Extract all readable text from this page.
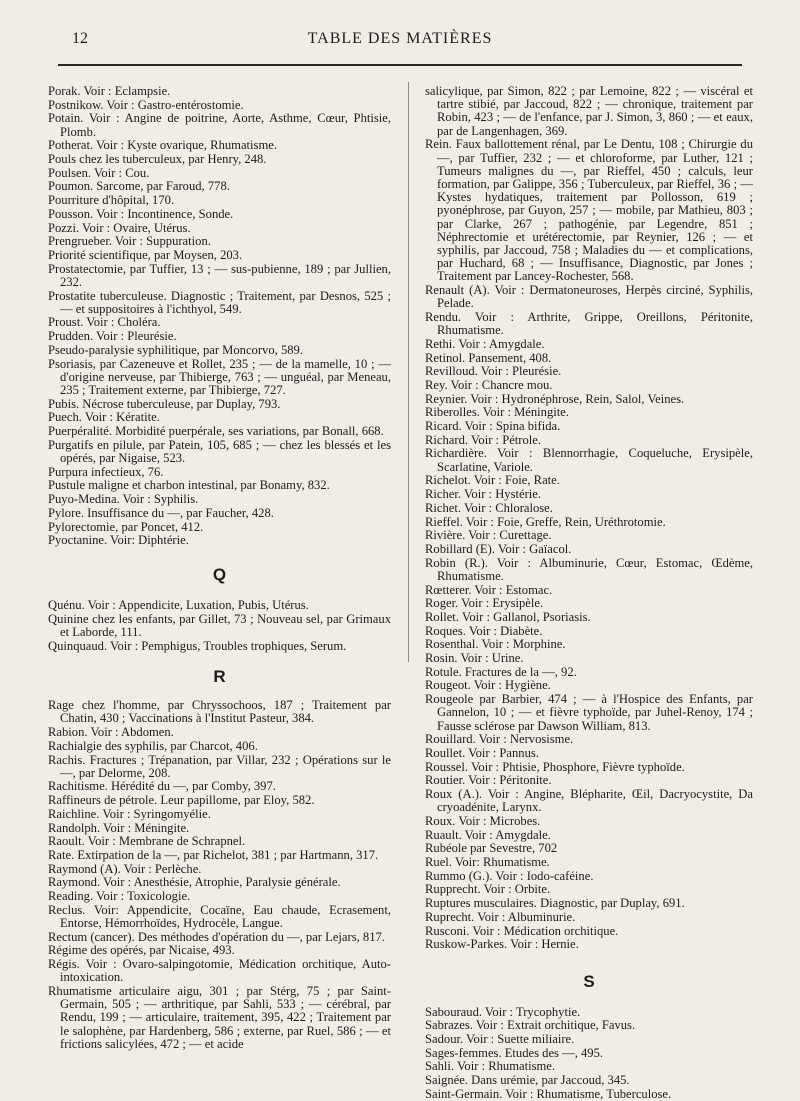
12	TABLE DES MATIÈRES
Porak. Voir : Eclampsie.
Postnikow. Voir : Gastro-entérostomie.
Potain. Voir : Angine de poitrine, Aorte, Asthme, Cœur, Phtisie, Plomb.
Potherat. Voir : Kyste ovarique, Rhumatisme.
Pouls chez les tuberculeux, par Henry, 248.
Poulsen. Voir : Cou.
Poumon. Sarcome, par Faroud, 778.
Pourriture d'hôpital, 170.
Pousson. Voir : Incontinence, Sonde.
Pozzi. Voir : Ovaire, Utérus.
Prengrueber. Voir : Suppuration.
Priorité scientifique, par Moysen, 203.
Prostatectomie, par Tuffier, 13 ; — sus-pubienne, 189 ; par Jullien, 232.
Prostatite tuberculeuse. Diagnostic ; Traitement, par Desnos, 525 ; — et suppositoires à l'ichthyol, 549.
Proust. Voir : Choléra.
Prudden. Voir : Pleurésie.
Pseudo-paralysie syphilitique, par Moncorvo, 589.
Psoriasis, par Cazeneuve et Rollet, 235 ; — de la mamelle, 10 ; — d'origine nerveuse, par Thibierge, 763 ; — unguéal, par Meneau, 235 ; Traitement externe, par Thibierge, 727.
Pubis. Nécrose tuberculeuse, par Duplay, 793.
Puech. Voir : Kératite.
Puerpéralité. Morbidité puerpérale, ses variations, par Bonall, 668.
Purgatifs en pilule, par Patein, 105, 685 ; — chez les blessés et les opérés, par Nigaise, 523.
Purpura infectieux, 76.
Pustule maligne et charbon intestinal, par Bonamy, 832.
Puyo-Medina. Voir : Syphilis.
Pylore. Insuffisance du —, par Faucher, 428.
Pylorectomie, par Poncet, 412.
Pyoctanine. Voir: Diphtérie.
Q
Quénu. Voir : Appendicite, Luxation, Pubis, Utérus.
Quinine chez les enfants, par Gillet, 73 ; Nouveau sel, par Grimaux et Laborde, 111.
Quinquaud. Voir : Pemphigus, Troubles trophiques, Serum.
R
Rage chez l'homme, par Chryssochoos, 187 ; Traitement par Chatin, 430 ; Vaccinations à l'Institut Pasteur, 384.
Rabion. Voir : Abdomen.
Rachialgie des syphilis, par Charcot, 406.
Rachis. Fractures ; Trépanation, par Villar, 232 ; Opérations sur le —, par Delorme, 208.
Rachitisme. Hérédité du —, par Comby, 397.
Raffineurs de pétrole. Leur papillome, par Eloy, 582.
Raichline. Voir : Syringomyélie.
Randolph. Voir : Méningite.
Raoult. Voir : Membrane de Schrapnel.
Rate. Extirpation de la —, par Richelot, 381 ; par Hartmann, 317.
Raymond (A). Voir : Perlèche.
Raymond. Voir : Anesthésie, Atrophie, Paralysie générale.
Reading. Voir : Toxicologie.
Reclus. Voir: Appendicite, Cocaïne, Eau chaude, Ecrasement, Entorse, Hémorrhoïdes, Hydrocèle, Langue.
Rectum (cancer). Des méthodes d'opération du —, par Lejars, 817.
Régime des opérés, par Nicaise, 493.
Régis. Voir : Ovaro-salpingotomie, Médication orchitique, Auto-intoxication.
Rhumatisme articulaire aigu, 301 ; par Stérg, 75 ; par Saint-Germain, 505 ; — arthritique, par Sahli, 533 ; — cérébral, par Rendu, 199 ; — articulaire, traitement, 395, 422 ; Traitement par le salophène, par Hardenberg, 586 ; externe, par Ruel, 586 ; — et frictions salicylées, 472 ; — et acide
salicylique, par Simon, 822 ; par Lemoine, 822 ; — viscéral et tartre stibié, par Jaccoud, 822 ; — chronique, traitement par Robin, 423 ; — de l'enfance, par J. Simon, 3, 860 ; — et eaux, par de Langenhagen, 369.
Rein. Faux ballottement rénal, par Le Dentu, 108 ; Chirurgie du —, par Tuffier, 232 ; — et chloroforme, par Luther, 121 ; Tumeurs malignes du —, par Rieffel, 450 ; calculs, leur formation, par Galippe, 356 ; Tuberculeux, par Rieffel, 36 ; — Kystes hydatiques, traitement par Pollosson, 619 ; pyonéphrose, par Guyon, 257 ; — mobile, par Mathieu, 803 ; par Clarke, 267 ; pathogénie, par Legendre, 851 ; Néphrectomie et urétérectomie, par Reynier, 126 ; — et syphilis, par Jaccoud, 758 ; Maladies du — et complications, par Huchard, 68 ; — Insuffisance, Diagnostic, par Jones ; Traitement par Lancey-Rochester, 568.
Renault (A). Voir : Dermatoneuroses, Herpès circiné, Syphilis, Pelade.
Rendu. Voir : Arthrite, Grippe, Oreillons, Péritonite, Rhumatisme.
Rethi. Voir : Amygdale.
Retinol. Pansement, 408.
Revilloud. Voir : Pleurésie.
Rey. Voir : Chancre mou.
Reynier. Voir : Hydronéphrose, Rein, Salol, Veines.
Riberolles. Voir : Méningite.
Ricard. Voir : Spina bifida.
Richard. Voir : Pétrole.
Richardière. Voir : Blennorrhagie, Coqueluche, Erysipèle, Scarlatine, Variole.
Richelot. Voir : Foie, Rate.
Richer. Voir : Hystérie.
Richet. Voir : Chloralose.
Rieffel. Voir : Foie, Greffe, Rein, Uréthrotomie.
Rivière. Voir : Curettage.
Robillard (E). Voir : Gaïacol.
Robin (R.). Voir : Albuminurie, Cœur, Estomac, Œdème, Rhumatisme.
Rœtterer. Voir : Estomac.
Roger. Voir : Erysipèle.
Rollet. Voir : Gallanol, Psoriasis.
Roques. Voir : Diabète.
Rosenthal. Voir : Morphine.
Rosin. Voir : Urine.
Rotule. Fractures de la —, 92.
Rougeot. Voir : Hygiène.
Rougeole par Barbier, 474 ; — à l'Hospice des Enfants, par Gannelon, 10 ; — et fièvre typhoïde, par Juhel-Renoy, 174 ; Fausse sclérose par Dawson William, 813.
Rouillard. Voir : Nervosisme.
Roullet. Voir : Pannus.
Roussel. Voir : Phtisie, Phosphore, Fièvre typhoïde.
Routier. Voir : Péritonite.
Roux (A.). Voir : Angine, Blépharite, Œil, Dacryocystite, Da cryoadénite, Larynx.
Roux. Voir : Microbes.
Ruault. Voir : Amygdale.
Rubéole par Sevestre, 702
Ruel. Voir: Rhumatisme.
Rummo (G.). Voir : Iodo-caféine.
Rupprecht. Voir : Orbite.
Ruptures musculaires. Diagnostic, par Duplay, 691.
Ruprecht. Voir : Albuminurie.
Rusconi. Voir : Médication orchitique.
Ruskow-Parkes. Voir : Hernie.
S
Sabouraud. Voir : Trycophytie.
Sabrazes. Voir : Extrait orchitique, Favus.
Sadour. Voir : Suette miliaire.
Sages-femmes. Etudes des —, 495.
Sahli. Voir : Rhumatisme.
Saignée. Dans urémie, par Jaccoud, 345.
Saint-Germain. Voir : Rhumatisme, Tuberculose.
